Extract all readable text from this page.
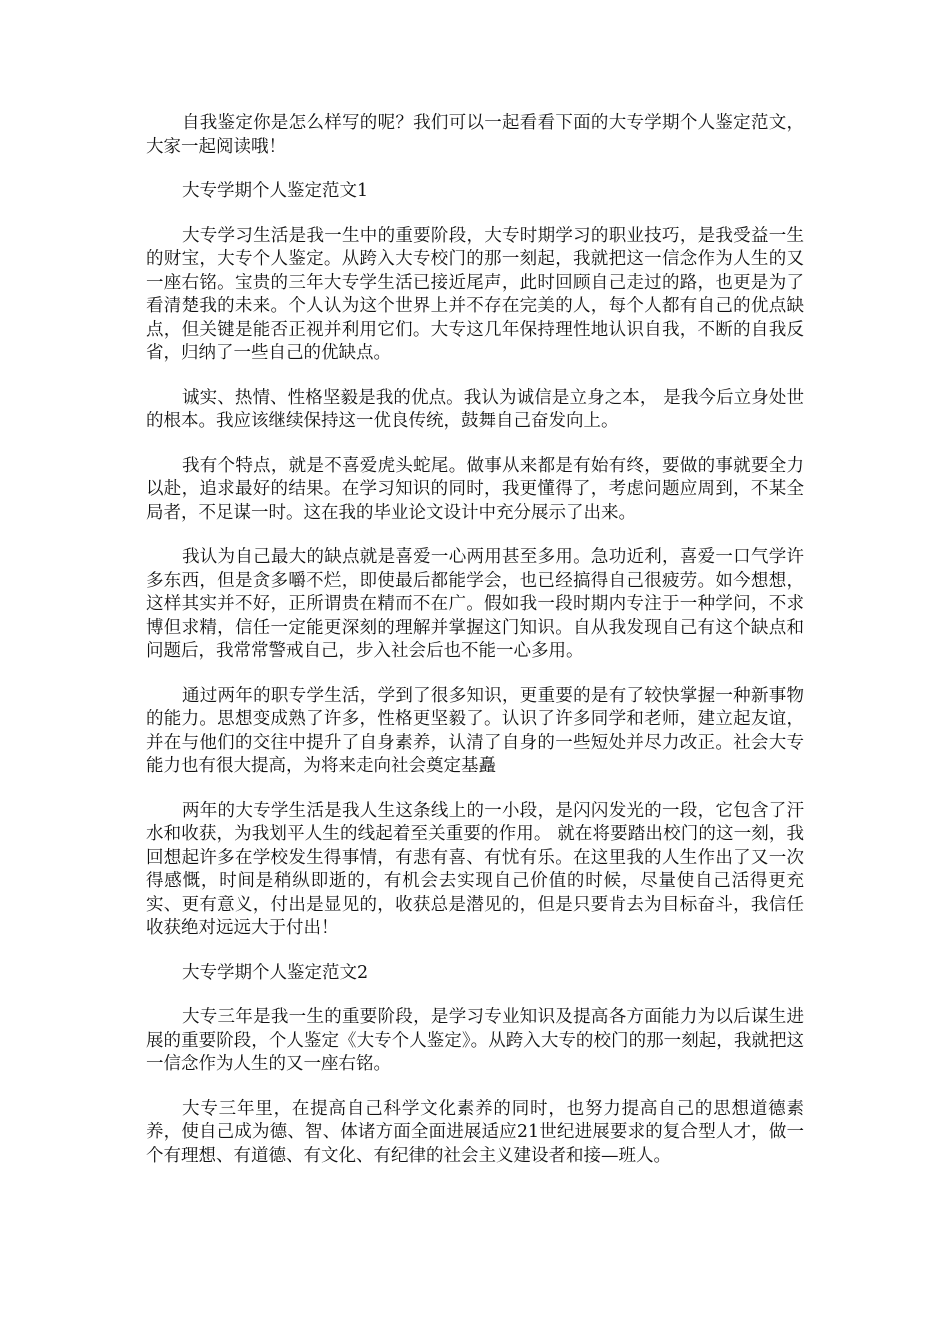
自我鉴定你是怎么样写的呢？我们可以一起看看下面的大专学期个人鉴定范文，大家一起阅读哦！

大专学期个人鉴定范文1

大专学习生活是我一生中的重要阶段，大专时期学习的职业技巧，是我受益一生的财宝，大专个人鉴定。从跨入大专校门的那一刻起，我就把这一信念作为人生的又一座右铭。宝贵的三年大专学生活已接近尾声，此时回顾自己走过的路，也更是为了看清楚我的未来。个人认为这个世界上并不存在完美的人，每个人都有自己的优点缺点，但关键是能否正视并利用它们。大专这几年保持理性地认识自我，不断的自我反省，归纳了一些自己的优缺点。

诚实、热情、性格坚毅是我的优点。我认为诚信是立身之本， 是我今后立身处世的根本。我应该继续保持这一优良传统，鼓舞自己奋发向上。

我有个特点，就是不喜爱虎头蛇尾。做事从来都是有始有终，要做的事就要全力以赴，追求最好的结果。在学习知识的同时，我更懂得了，考虑问题应周到，不某全局者，不足谋一时。这在我的毕业论文设计中充分展示了出来。

我认为自己最大的缺点就是喜爱一心两用甚至多用。急功近利，喜爱一口气学许多东西，但是贪多嚼不烂，即使最后都能学会，也已经搞得自己很疲劳。如今想想，这样其实并不好，正所谓贵在精而不在广。假如我一段时期内专注于一种学问，不求博但求精，信任一定能更深刻的理解并掌握这门知识。自从我发现自己有这个缺点和问题后，我常常警戒自己，步入社会后也不能一心多用。

通过两年的职专学生活，学到了很多知识，更重要的是有了较快掌握一种新事物的能力。思想变成熟了许多，性格更坚毅了。认识了许多同学和老师，建立起友谊，并在与他们的交往中提升了自身素养，认清了自身的一些短处并尽力改正。社会大专能力也有很大提高，为将来走向社会奠定基矗

两年的大专学生活是我人生这条线上的一小段，是闪闪发光的一段，它包含了汗水和收获，为我划平人生的线起着至关重要的作用。 就在将要踏出校门的这一刻，我回想起许多在学校发生得事情，有悲有喜、有忧有乐。在这里我的人生作出了又一次得感慨，时间是稍纵即逝的，有机会去实现自己价值的时候，尽量使自己活得更充实、更有意义，付出是显见的，收获总是潜见的，但是只要肯去为目标奋斗，我信任收获绝对远远大于付出！

大专学期个人鉴定范文2

大专三年是我一生的重要阶段，是学习专业知识及提高各方面能力为以后谋生进展的重要阶段，个人鉴定《大专个人鉴定》。从跨入大专的校门的那一刻起，我就把这一信念作为人生的又一座右铭。

大专三年里，在提高自己科学文化素养的同时，也努力提高自己的思想道德素养，使自己成为德、智、体诸方面全面进展适应21世纪进展要求的复合型人才，做一个有理想、有道德、有文化、有纪律的社会主义建设者和接—班人。
